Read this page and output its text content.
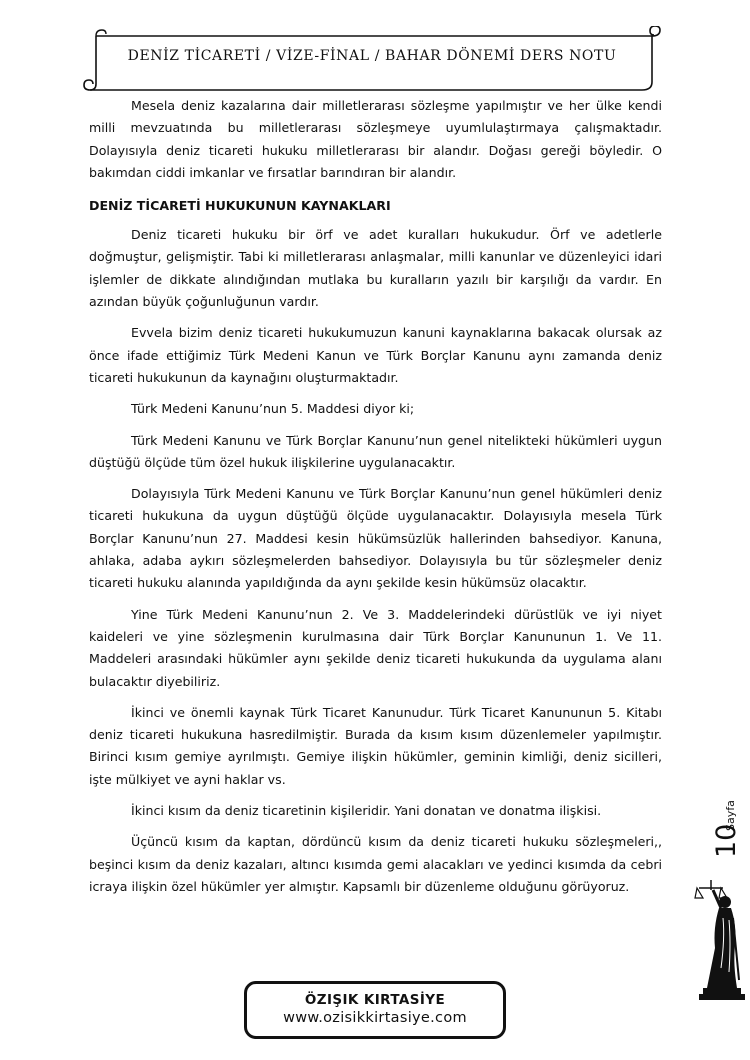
DENİZ TİCARETİ / VİZE-FİNAL / BAHAR DÖNEMİ DERS NOTU

Mesela deniz kazalarına dair milletlerarası sözleşme yapılmıştır ve her ülke kendi milli mevzuatında bu milletlerarası sözleşmeye uyumlulaştırmaya çalışmaktadır. Dolayısıyla deniz ticareti hukuku milletlerarası bir alandır. Doğası gereği böyledir. O bakımdan ciddi imkanlar ve fırsatlar barındıran bir alandır.

DENİZ TİCARETİ HUKUKUNUN KAYNAKLARI

Deniz ticareti hukuku bir örf ve adet kuralları hukukudur. Örf ve adetlerle doğmuştur, gelişmiştir. Tabi ki milletlerarası anlaşmalar, milli kanunlar ve düzenleyici idari işlemler de dikkate alındığından mutlaka bu kuralların yazılı bir karşılığı da vardır. En azından büyük çoğunluğunun vardır.

Evvela bizim deniz ticareti hukukumuzun kanuni kaynaklarına bakacak olursak az önce ifade ettiğimiz Türk Medeni Kanun ve Türk Borçlar Kanunu aynı zamanda deniz ticareti hukukunun da kaynağını oluşturmaktadır.

Türk Medeni Kanunu’nun 5. Maddesi diyor ki;

Türk Medeni Kanunu ve Türk Borçlar Kanunu’nun genel nitelikteki hükümleri uygun düştüğü ölçüde tüm özel hukuk ilişkilerine uygulanacaktır.

Dolayısıyla Türk Medeni Kanunu ve Türk Borçlar Kanunu’nun genel hükümleri deniz ticareti hukukuna da uygun düştüğü ölçüde uygulanacaktır. Dolayısıyla mesela Türk Borçlar Kanunu’nun 27. Maddesi kesin hükümsüzlük hallerinden bahsediyor. Kanuna, ahlaka, adaba aykırı sözleşmelerden bahsediyor. Dolayısıyla bu tür sözleşmeler deniz ticareti hukuku alanında yapıldığında da aynı şekilde kesin hükümsüz olacaktır.

Yine Türk Medeni Kanunu’nun 2. Ve 3. Maddelerindeki dürüstlük ve iyi niyet kaideleri ve yine sözleşmenin kurulmasına dair Türk Borçlar Kanununun 1. Ve 11. Maddeleri arasındaki hükümler aynı şekilde deniz ticareti hukukunda da uygulama alanı bulacaktır diyebiliriz.

İkinci ve önemli kaynak Türk Ticaret Kanunudur. Türk Ticaret Kanununun 5. Kitabı deniz ticareti hukukuna hasredilmiştir. Burada da kısım kısım düzenlemeler yapılmıştır. Birinci kısım gemiye ayrılmıştı. Gemiye ilişkin hükümler, geminin kimliği, deniz sicilleri, işte mülkiyet ve ayni haklar vs.

İkinci kısım da deniz ticaretinin kişileridir. Yani donatan ve donatma ilişkisi.

Üçüncü kısım da kaptan, dördüncü kısım da deniz ticareti hukuku sözleşmeleri,, beşinci kısım da deniz kazaları, altıncı kısımda gemi alacakları ve yedinci kısımda da cebri icraya ilişkin özel hükümler yer almıştır. Kapsamlı bir düzenleme olduğunu görüyoruz.

10
Sayfa
ÖZIŞIK KIRTASİYE
www.ozisikkirtasiye.com
